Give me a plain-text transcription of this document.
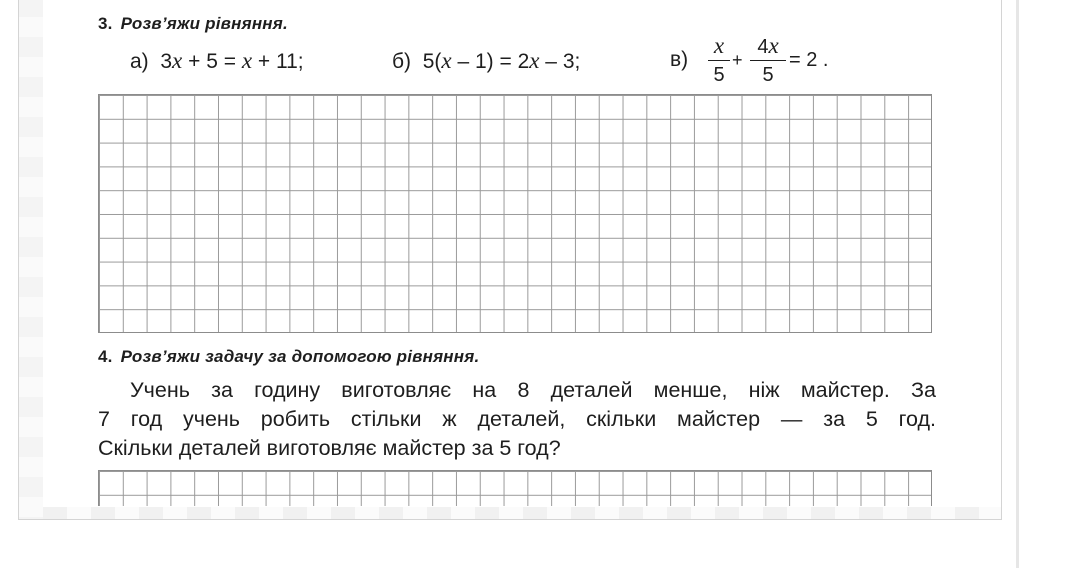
3. Розв’яжи рівняння.
а) 3x + 5 = x + 11;	б) 5(x – 1) = 2x – 3;	в)
x
5
+
4x
5
= 2 .
4. Розв’яжи задачу за допомогою рівняння.
Учень за годину виготовляє на 8 деталей менше, ніж майстер. За
7 год учень робить стільки ж деталей, скільки майстер — за 5 год.
Скільки деталей виготовляє майстер за 5 год?
